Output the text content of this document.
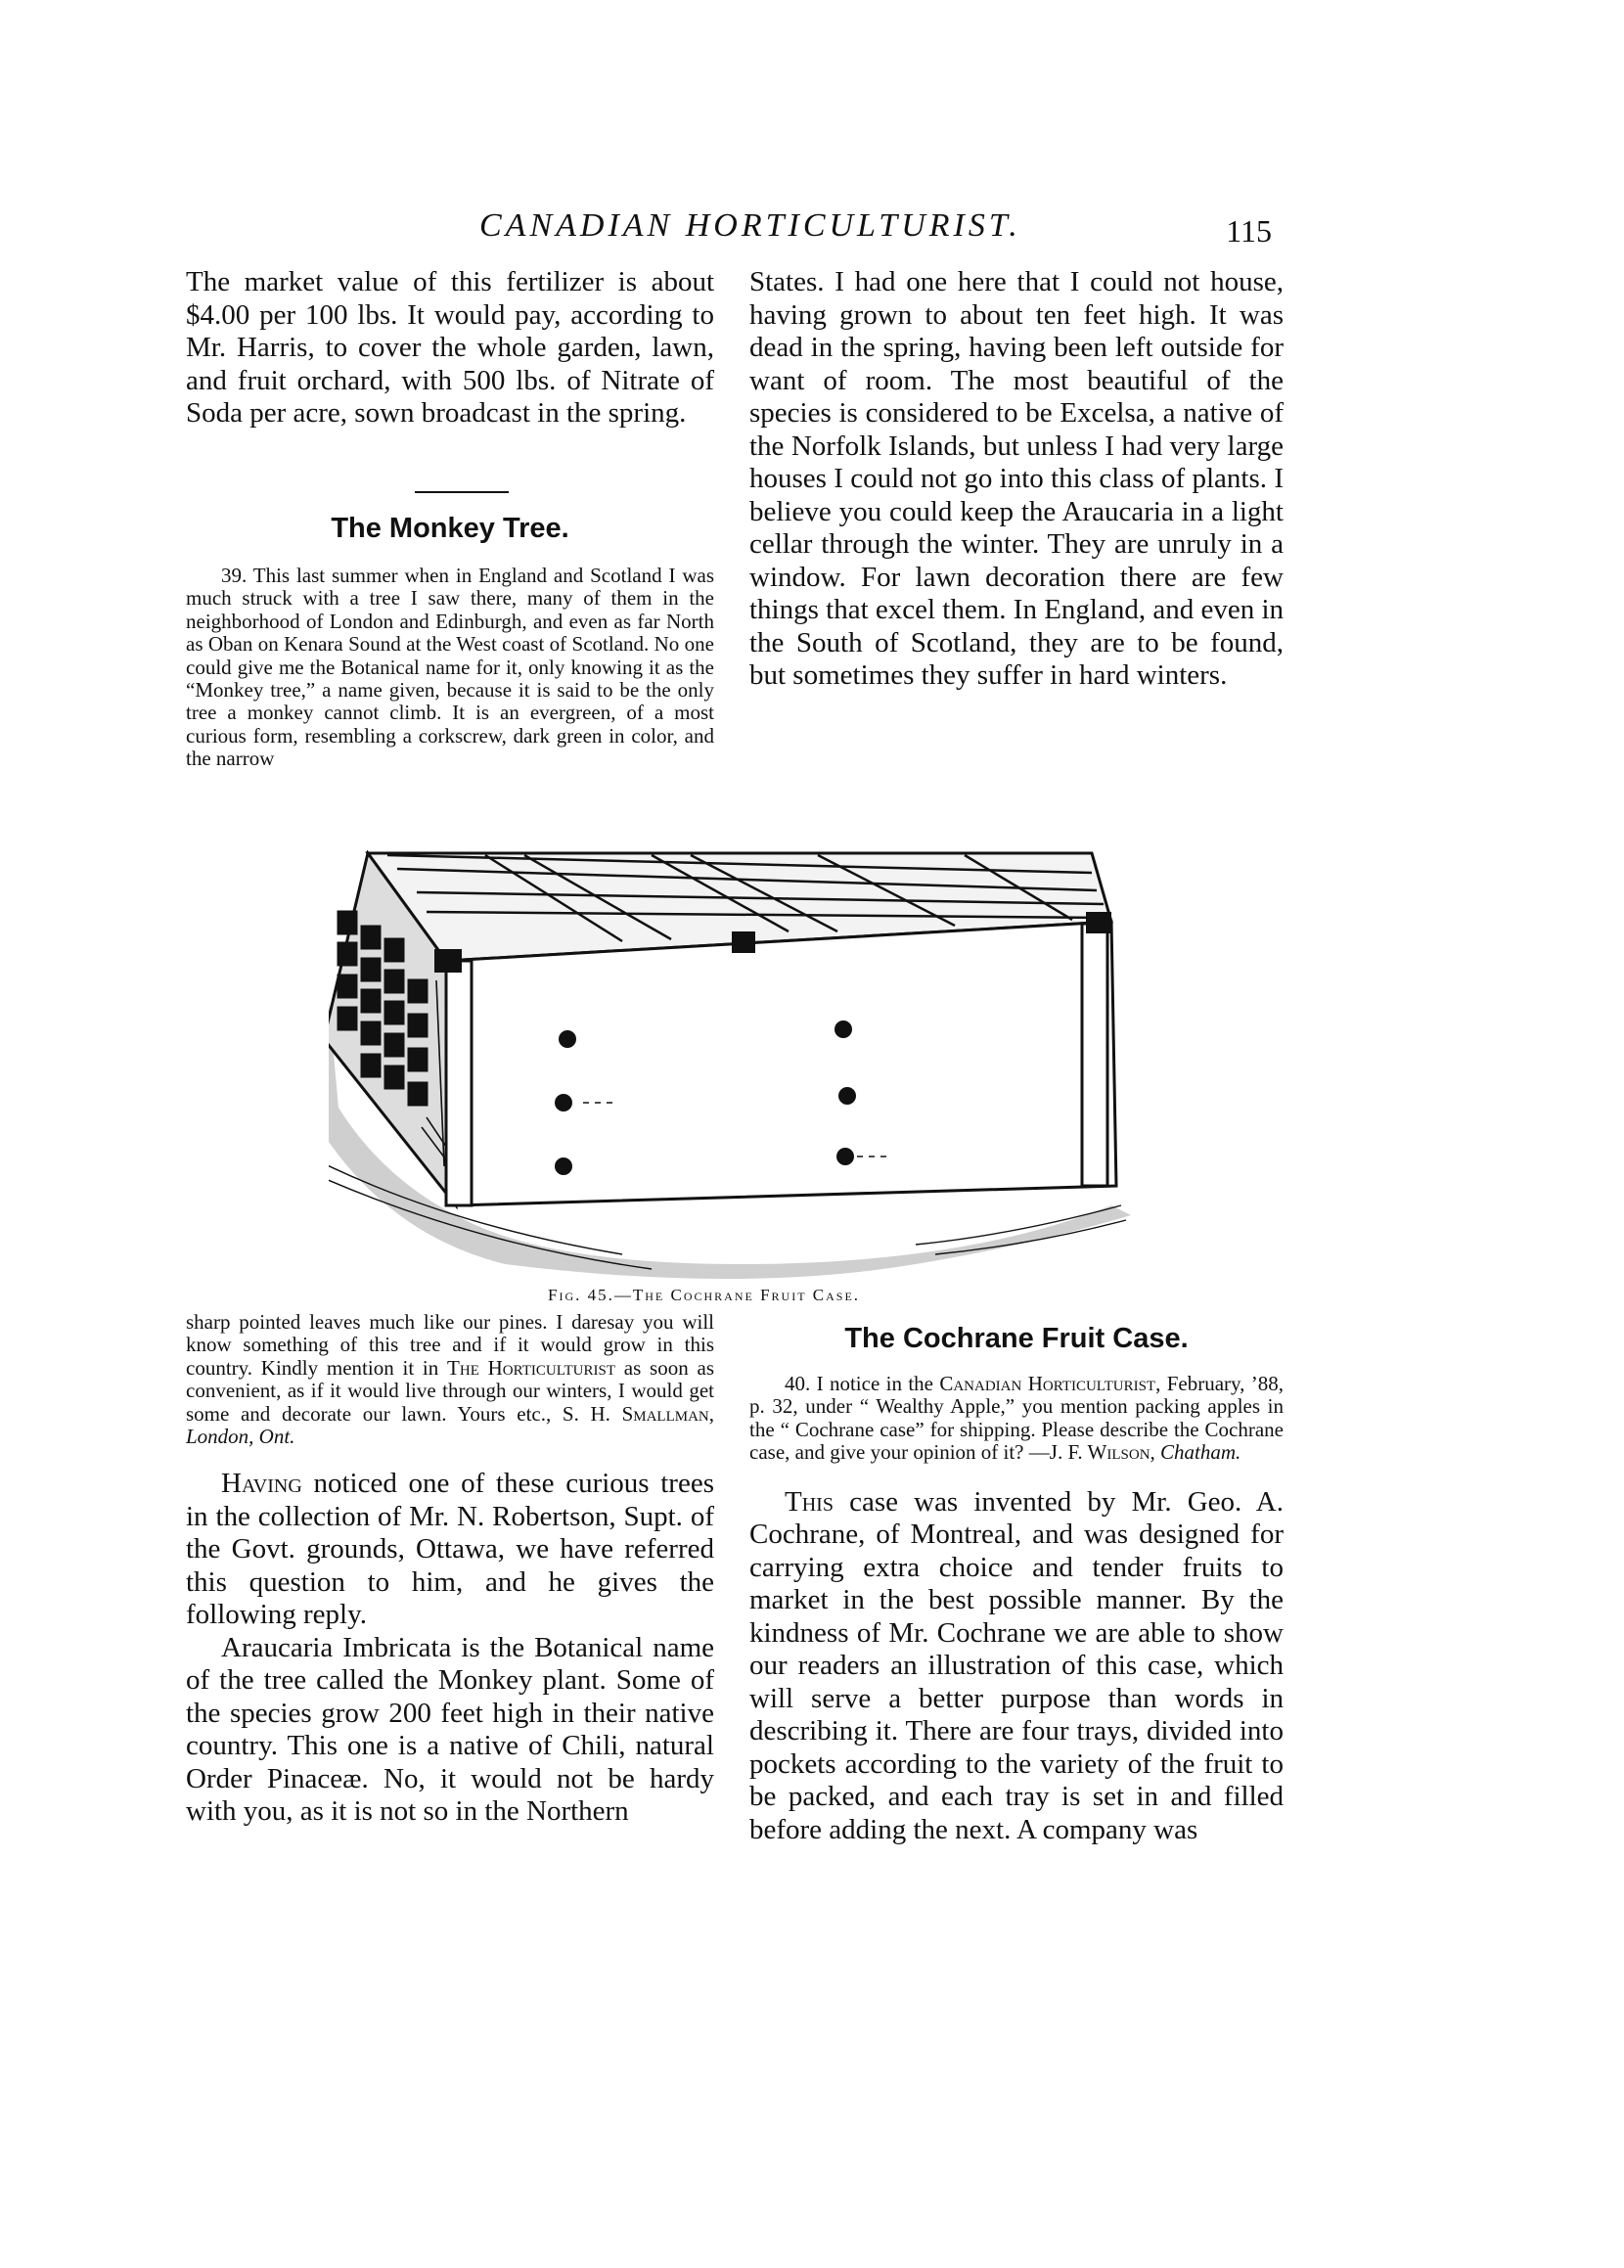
CANADIAN HORTICULTURIST.	115

The market value of this fertilizer is about $4.00 per 100 lbs. It would pay, according to Mr. Harris, to cover the whole garden, lawn, and fruit orchard, with 500 lbs. of Nitrate of Soda per acre, sown broadcast in the spring.

The Monkey Tree.

39. This last summer when in England and Scotland I was much struck with a tree I saw there, many of them in the neighborhood of London and Edinburgh, and even as far North as Oban on Kenara Sound at the West coast of Scotland. No one could give me the Botanical name for it, only knowing it as the “Monkey tree,” a name given, because it is said to be the only tree a monkey cannot climb. It is an evergreen, of a most curious form, resembling a corkscrew, dark green in color, and the narrow

States. I had one here that I could not house, having grown to about ten feet high. It was dead in the spring, having been left outside for want of room. The most beautiful of the species is considered to be Excelsa, a native of the Norfolk Islands, but unless I had very large houses I could not go into this class of plants. I believe you could keep the Araucaria in a light cellar through the winter. They are unruly in a window. For lawn decoration there are few things that excel them. In England, and even in the South of Scotland, they are to be found, but sometimes they suffer in hard winters.

Fig. 45.—The Cochrane Fruit Case.

sharp pointed leaves much like our pines. I daresay you will know something of this tree and if it would grow in this country. Kindly mention it in The Horticulturist as soon as convenient, as if it would live through our winters, I would get some and decorate our lawn. Yours etc., S. H. Smallman, London, Ont.

Having noticed one of these curious trees in the collection of Mr. N. Robertson, Supt. of the Govt. grounds, Ottawa, we have referred this question to him, and he gives the following reply.

Araucaria Imbricata is the Botanical name of the tree called the Monkey plant. Some of the species grow 200 feet high in their native country. This one is a native of Chili, natural Order Pinaceæ. No, it would not be hardy with you, as it is not so in the Northern

The Cochrane Fruit Case.

40. I notice in the Canadian Horticulturist, February, ’88, p. 32, under “ Wealthy Apple,” you mention packing apples in the “ Cochrane case” for shipping. Please describe the Cochrane case, and give your opinion of it? —J. F. Wilson, Chatham.

This case was invented by Mr. Geo. A. Cochrane, of Montreal, and was designed for carrying extra choice and tender fruits to market in the best possible manner. By the kindness of Mr. Cochrane we are able to show our readers an illustration of this case, which will serve a better purpose than words in describing it. There are four trays, divided into pockets according to the variety of the fruit to be packed, and each tray is set in and filled before adding the next. A company was
